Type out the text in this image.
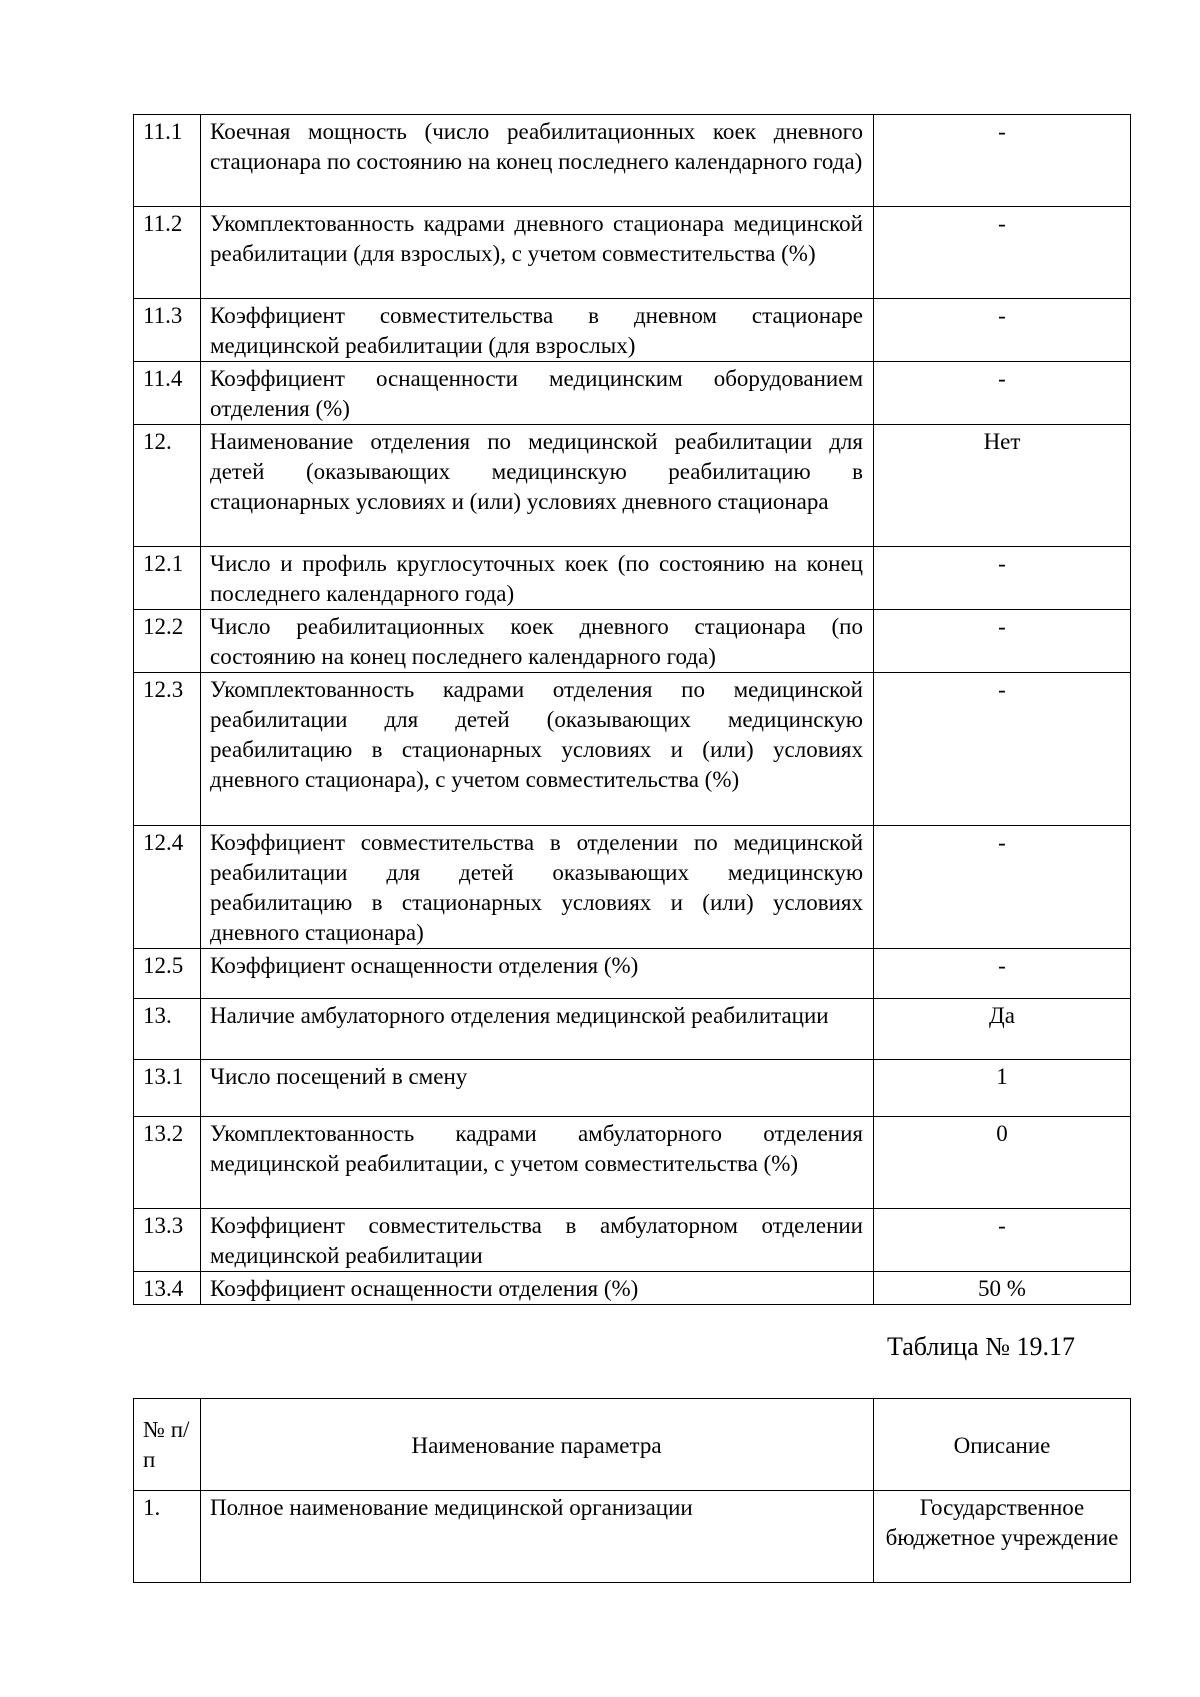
11.1	Коечная мощность (число реабилитационных коек дневного стационара по состоянию на конец последнего календарного года)	-
11.2	Укомплектованность кадрами дневного стационара медицинской реабилитации (для взрослых), с учетом совместительства (%)	-
11.3	Коэффициент совместительства в дневном стационаре медицинской реабилитации (для взрослых)	-
11.4	Коэффициент оснащенности медицинским оборудованием отделения (%)	-
12.	Наименование отделения по медицинской реабилитации для детей (оказывающих медицинскую реабилитацию в стационарных условиях и (или) условиях дневного стационара	Нет
12.1	Число и профиль круглосуточных коек (по состоянию на конец последнего календарного года)	-
12.2	Число реабилитационных коек дневного стационара (по состоянию на конец последнего календарного года)	-
12.3	Укомплектованность кадрами отделения по медицинской реабилитации для детей (оказывающих медицинскую реабилитацию в стационарных условиях и (или) условиях дневного стационара), с учетом совместительства (%)	-
12.4	Коэффициент совместительства в отделении по медицинской реабилитации для детей оказывающих медицинскую реабилитацию в стационарных условиях и (или) условиях дневного стационара)	-
12.5	Коэффициент оснащенности отделения (%)	-
13.	Наличие амбулаторного отделения медицинской реабилитации	Да
13.1	Число посещений в смену	1
13.2	Укомплектованность кадрами амбулаторного отделения медицинской реабилитации, с учетом совместительства (%)	0
13.3	Коэффициент совместительства в амбулаторном отделении медицинской реабилитации	-
13.4	Коэффициент оснащенности отделения (%)	50 %
Таблица № 19.17
№ п/п	Наименование параметра	Описание
1.	Полное наименование медицинской организации	Государственное бюджетное учреждение
